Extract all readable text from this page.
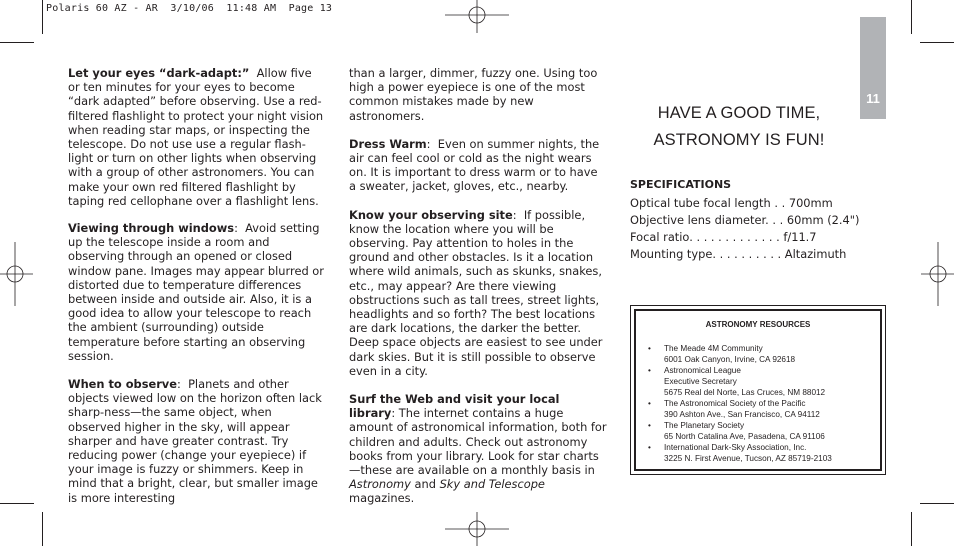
Polaris 60 AZ - AR  3/10/06  11:48 AM  Page 13

Let your eyes “dark-adapt:” Allow five or ten minutes for your eyes to become “dark adapted” before observing. Use a red-filtered flashlight to protect your night vision when reading star maps, or inspecting the telescope. Do not use use a regular flash-light or turn on other lights when observing with a group of other astronomers. You can make your own red filtered flashlight by taping red cellophane over a flashlight lens.

Viewing through windows:  Avoid setting up the telescope inside a room and observing through an opened or closed window pane. Images may appear blurred or distorted due to temperature differences between inside and outside air. Also, it is a good idea to allow your telescope to reach the ambient (surrounding) outside temperature before starting an observing session.

When to observe:  Planets and other objects viewed low on the horizon often lack sharp-ness—the same object, when observed higher in the sky, will appear sharper and have greater contrast. Try reducing power (change your eyepiece) if your image is fuzzy or shimmers. Keep in mind that a bright, clear, but smaller image is more interesting

than a larger, dimmer, fuzzy one. Using too high a power eyepiece is one of the most common mistakes made by new astronomers.

Dress Warm:  Even on summer nights, the air can feel cool or cold as the night wears on. It is important to dress warm or to have a sweater, jacket, gloves, etc., nearby.

Know your observing site:  If possible, know the location where you will be observing. Pay attention to holes in the ground and other obstacles. Is it a location where wild animals, such as skunks, snakes, etc., may appear? Are there viewing obstructions such as tall trees, street lights, headlights and so forth? The best locations are dark locations, the darker the better. Deep space objects are easiest to see under dark skies. But it is still possible to observe even in a city.

Surf the Web and visit your local library: The internet contains a huge amount of astronomical information, both for children and adults. Check out astronomy books from your library. Look for star charts—these are available on a monthly basis in Astronomy and Sky and Telescope magazines.

11
HAVE A GOOD TIME,
ASTRONOMY IS FUN!
SPECIFICATIONS
Optical tube focal length . . 700mm
Objective lens diameter. . . 60mm (2.4")
Focal ratio. . . . . . . . . . . . . f/11.7
Mounting type. . . . . . . . . . Altazimuth
ASTRONOMY RESOURCES
• The Meade 4M Community
6001 Oak Canyon, Irvine, CA 92618
• Astronomical League
Executive Secretary
5675 Real del Norte, Las Cruces, NM 88012
• The Astronomical Society of the Pacific
390 Ashton Ave., San Francisco, CA 94112
• The Planetary Society
65 North Catalina Ave, Pasadena, CA 91106
• International Dark-Sky Association, Inc.
3225 N. First Avenue, Tucson, AZ 85719-2103
